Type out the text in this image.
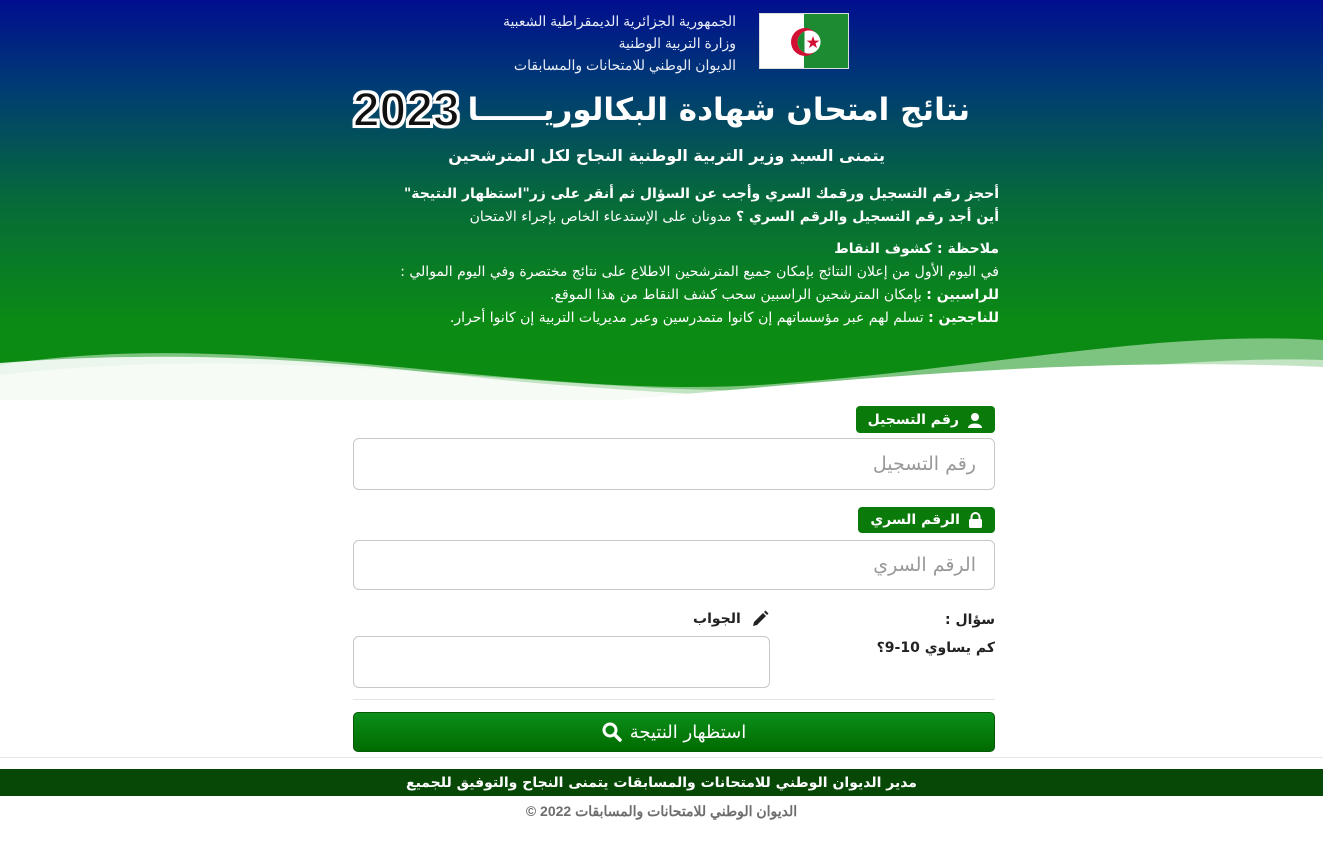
الجمهورية الجزائرية الديمقراطية الشعبية
وزارة التربية الوطنية
الديوان الوطني للامتحانات والمسابقات
نتائج امتحان شهادة البكالوريــــــا
2023
يتمنى السيد وزير التربية الوطنية النجاح لكل المترشحين
أحجز رقم التسجيل ورقمك السري وأجب عن السؤال ثم أنقر على زر"استظهار النتيجة"
أين أجد رقم التسجيل والرقم السري ؟ مدونان على الإستدعاء الخاص بإجراء الامتحان
ملاحظة : كشوف النقاط
في اليوم الأول من إعلان النتائج بإمكان جميع المترشحين الاطلاع على نتائج مختصرة وفي اليوم الموالي :
للراسبين : بإمكان المترشحين الراسبين سحب كشف النقاط من هذا الموقع.
للناجحين : تسلم لهم عبر مؤسساتهم إن كانوا متمدرسين وعبر مديريات التربية إن كانوا أحرار.
رقم التسجيل
رقم التسجيل
الرقم السري
سؤال :
كم يساوي 10-9؟
الجواب
استظهار النتيجة
مدير الديوان الوطني للامتحانات والمسابقات يتمنى النجاح والتوفيق للجميع
الديوان الوطني للامتحانات والمسابقات 2022 ©
